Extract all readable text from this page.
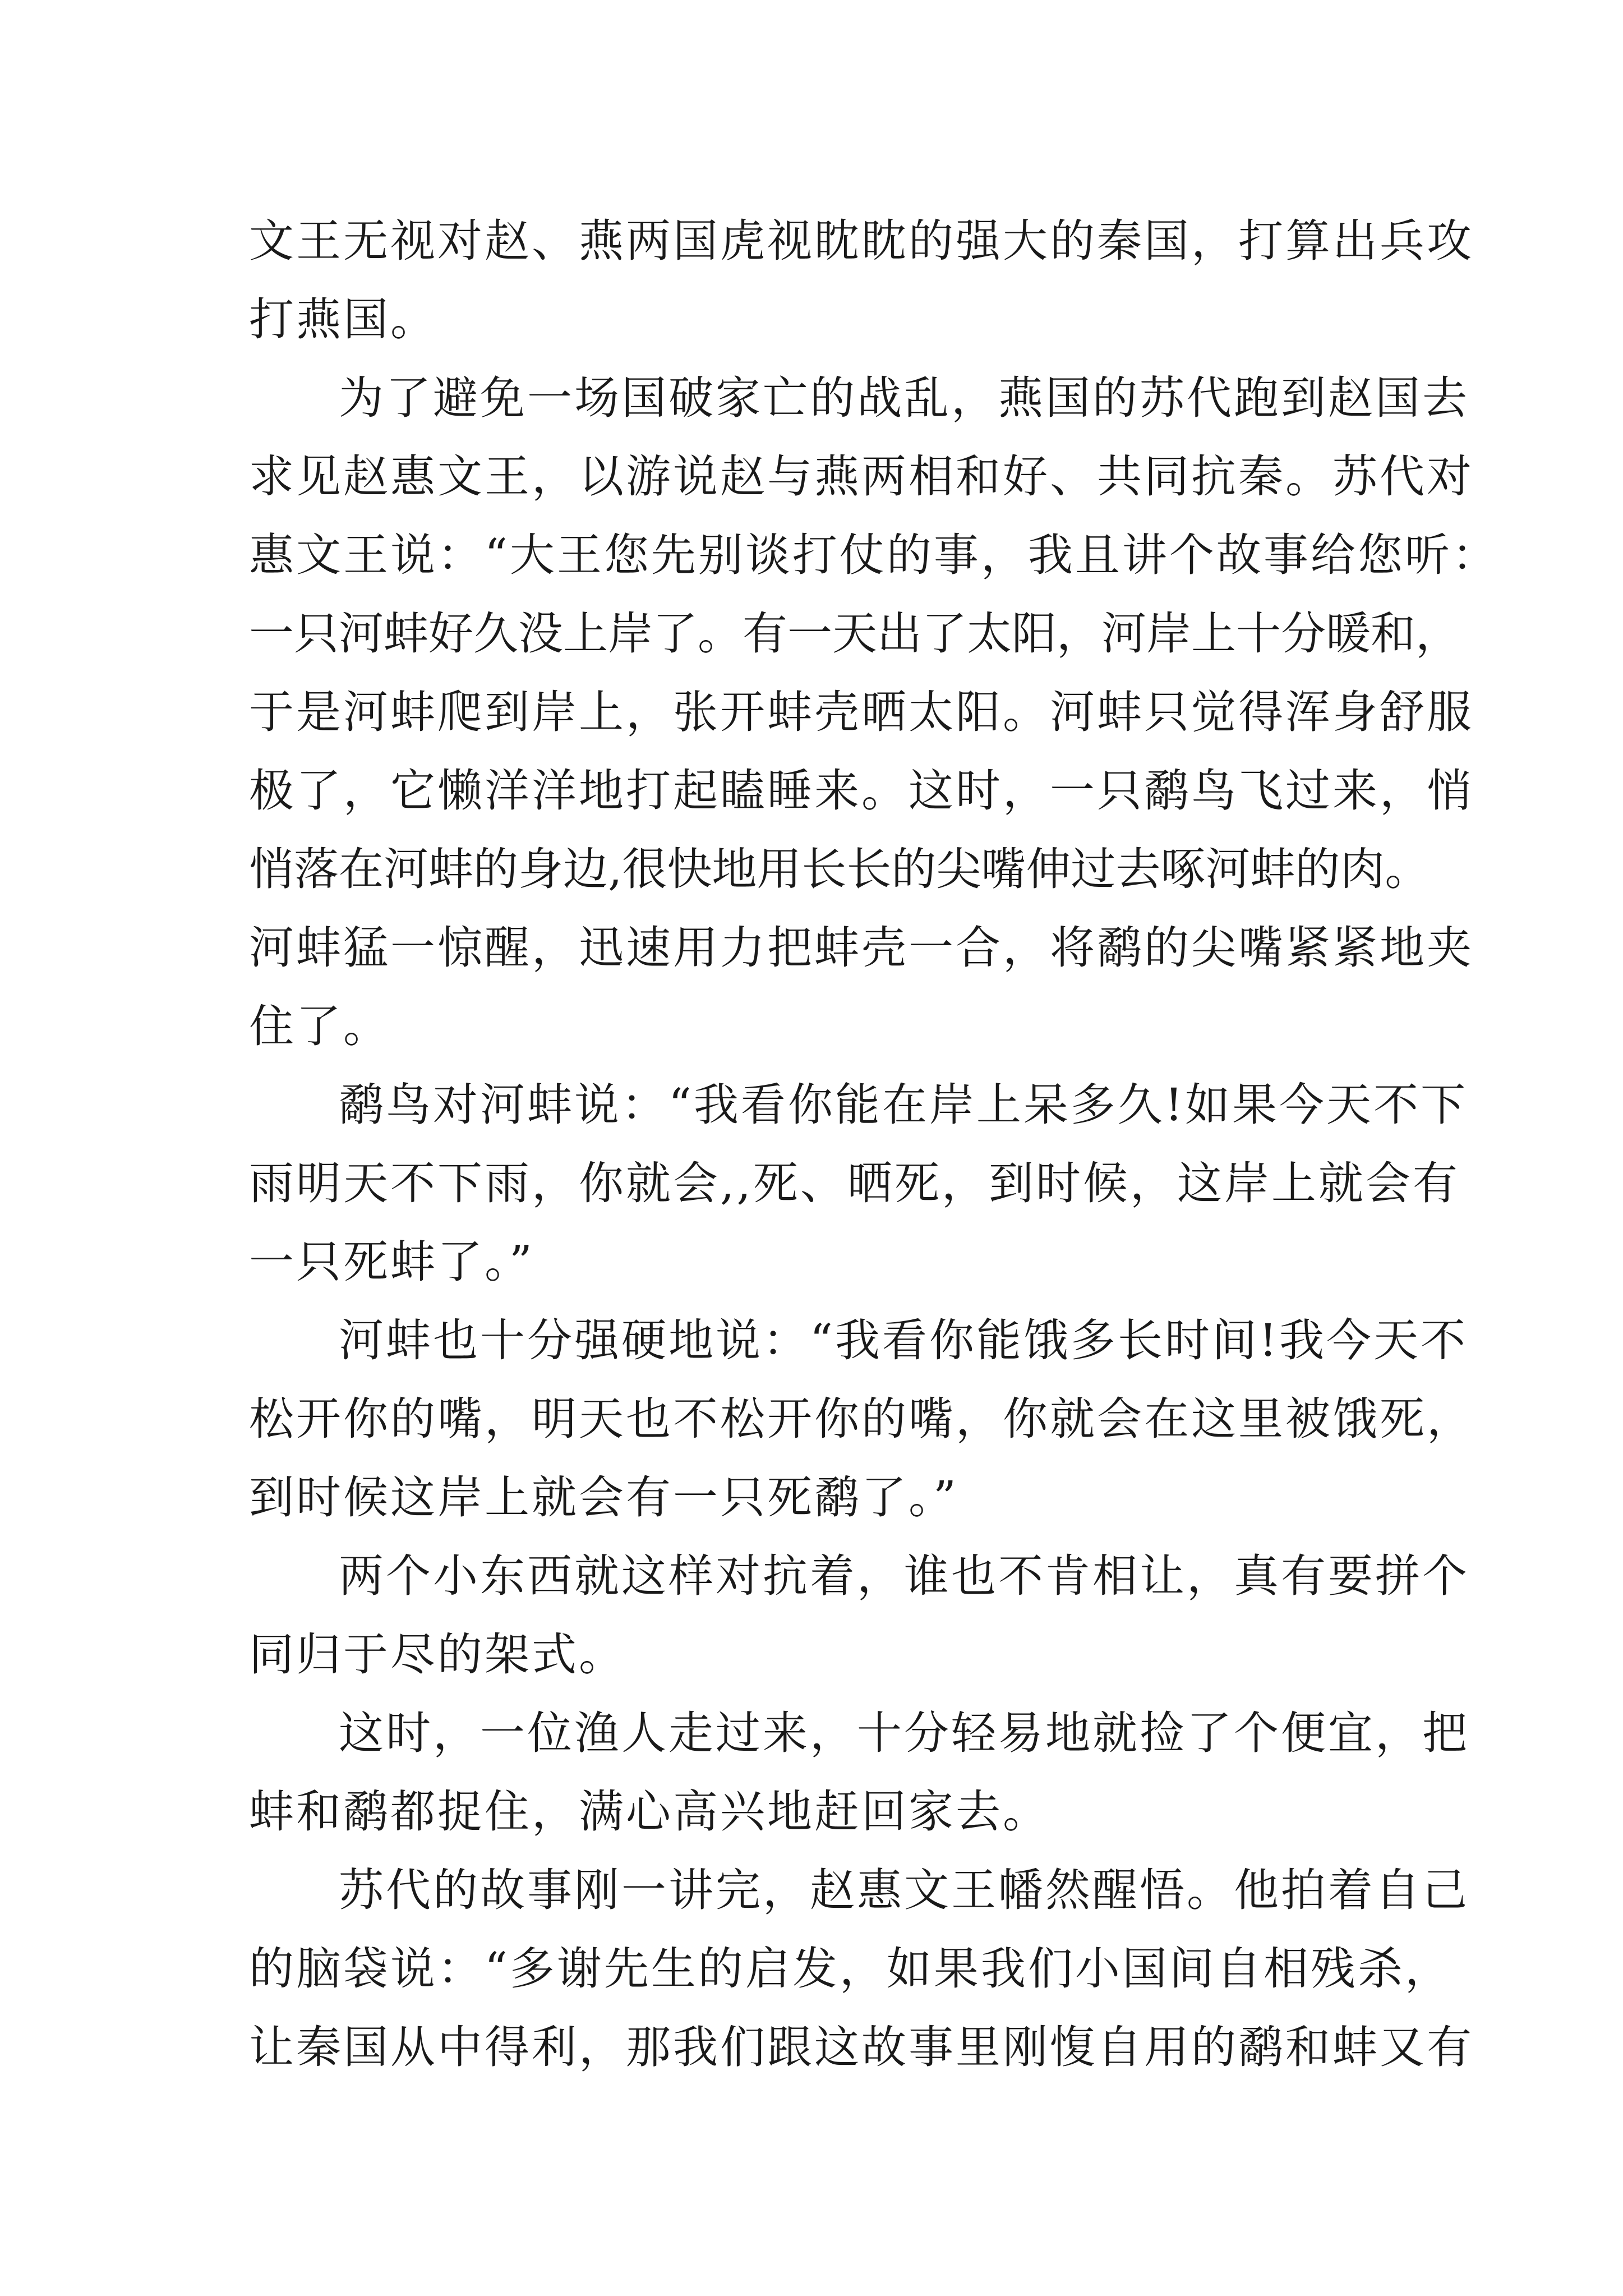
文王无视对赵、燕两国虎视眈眈的强大的秦国，打算出兵攻
打燕国。
为了避免一场国破家亡的战乱，燕国的苏代跑到赵国去
求见赵惠文王，以游说赵与燕两相和好、共同抗秦。苏代对
惠文王说：“大王您先别谈打仗的事，我且讲个故事给您听：
一只河蚌好久没上岸了。有一天出了太阳，河岸上十分暖和，
于是河蚌爬到岸上，张开蚌壳晒太阳。河蚌只觉得浑身舒服
极了，它懒洋洋地打起瞌睡来。这时，一只鹬鸟飞过来，悄
悄落在河蚌的身边,很快地用长长的尖嘴伸过去啄河蚌的肉。
河蚌猛一惊醒，迅速用力把蚌壳一合，将鹬的尖嘴紧紧地夹
住了。
鹬鸟对河蚌说：“我看你能在岸上呆多久!如果今天不下
雨明天不下雨，你就会,,死、晒死，到时候，这岸上就会有
一只死蚌了。”
河蚌也十分强硬地说：“我看你能饿多长时间!我今天不
松开你的嘴，明天也不松开你的嘴，你就会在这里被饿死，
到时候这岸上就会有一只死鹬了。”
两个小东西就这样对抗着，谁也不肯相让，真有要拼个
同归于尽的架式。
这时，一位渔人走过来，十分轻易地就捡了个便宜，把
蚌和鹬都捉住，满心高兴地赶回家去。
苏代的故事刚一讲完，赵惠文王幡然醒悟。他拍着自己
的脑袋说：“多谢先生的启发，如果我们小国间自相残杀，
让秦国从中得利，那我们跟这故事里刚愎自用的鹬和蚌又有
